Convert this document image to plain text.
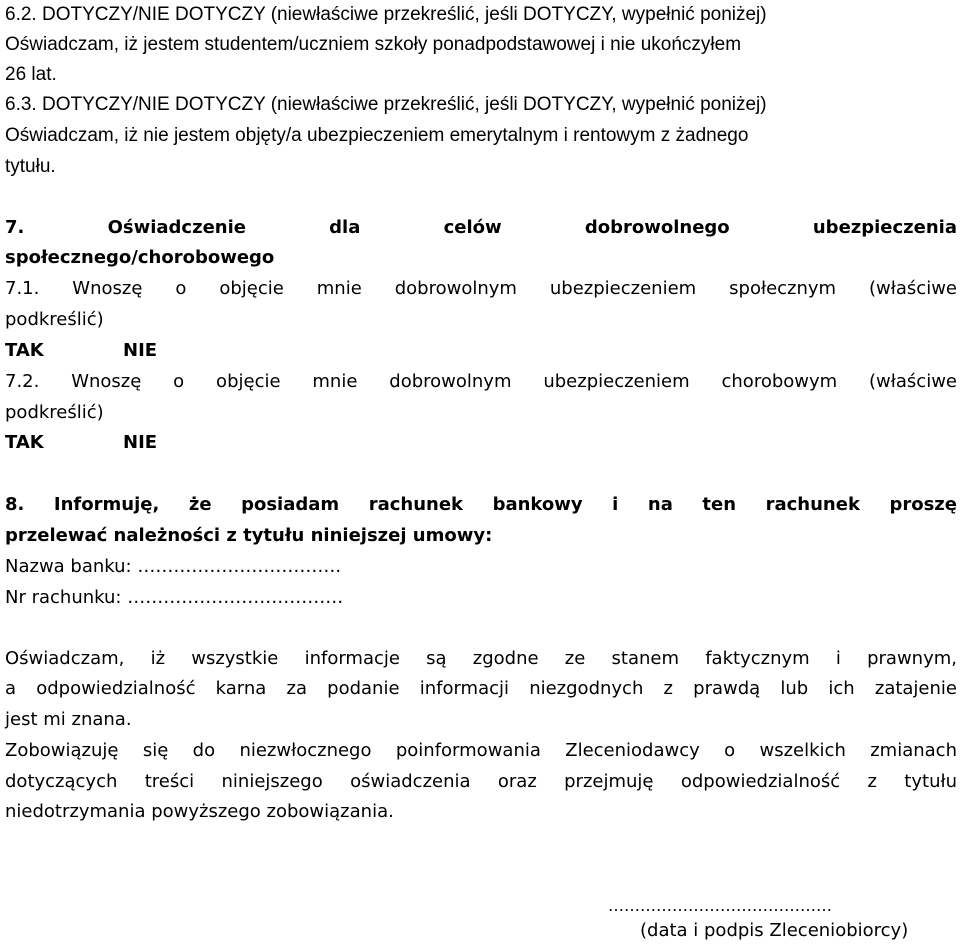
6.2. DOTYCZY/NIE DOTYCZY (niewłaściwe przekreślić, jeśli DOTYCZY, wypełnić poniżej)
Oświadczam, iż jestem studentem/uczniem szkoły ponadpodstawowej i nie ukończyłem
26 lat.
6.3. DOTYCZY/NIE DOTYCZY (niewłaściwe przekreślić, jeśli DOTYCZY, wypełnić poniżej)
Oświadczam, iż nie jestem objęty/a ubezpieczeniem emerytalnym i rentowym z żadnego
tytułu.
7. Oświadczenie dla celów dobrowolnego ubezpieczenia
społecznego/chorobowego
7.1. Wnoszę o objęcie mnie dobrowolnym ubezpieczeniem społecznym (właściwe
podkreślić)
TAK	NIE
7.2. Wnoszę o objęcie mnie dobrowolnym ubezpieczeniem chorobowym (właściwe
podkreślić)
TAK	NIE
8. Informuję, że posiadam rachunek bankowy i na ten rachunek proszę
przelewać należności z tytułu niniejszej umowy:
Nazwa banku: …………………………….
Nr rachunku: ………………………………
Oświadczam, iż wszystkie informacje są zgodne ze stanem faktycznym i prawnym,
a odpowiedzialność karna za podanie informacji niezgodnych z prawdą lub ich zatajenie
jest mi znana.
Zobowiązuję się do niezwłocznego poinformowania Zleceniodawcy o wszelkich zmianach
dotyczących treści niniejszego oświadczenia oraz przejmuję odpowiedzialność z tytułu
niedotrzymania powyższego zobowiązania.
……………………………………
(data i podpis Zleceniobiorcy)
